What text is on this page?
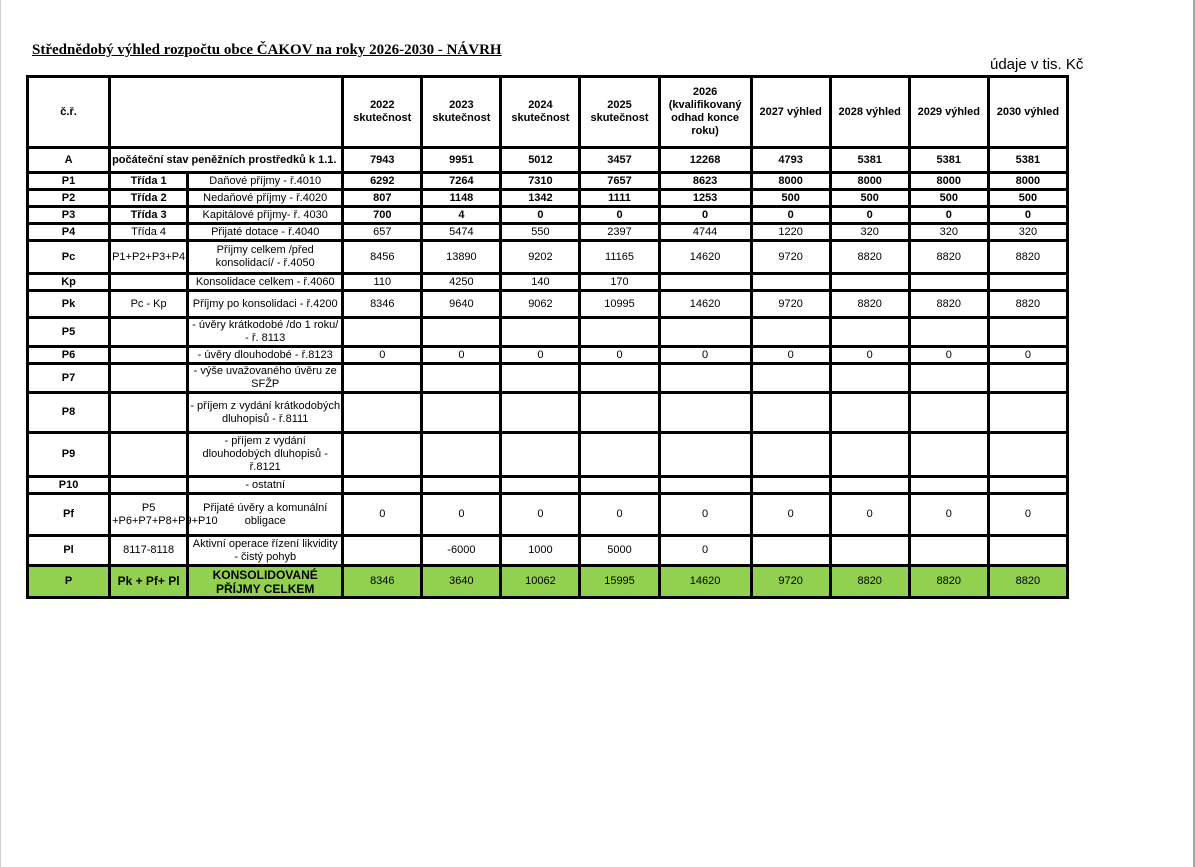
Střednědobý výhled rozpočtu obce ČAKOV na roky 2026-2030 - NÁVRH
údaje v tis. Kč
č.ř.			2022 skutečnost	2023 skutečnost	2024 skutečnost	2025 skutečnost	2026 (kvalifikovaný odhad konce roku)	2027 výhled	2028 výhled	2029 výhled	2030 výhled
A	počáteční stav peněžních prostředků k 1.1.		7943	9951	5012	3457	12268	4793	5381	5381	5381
P1	Třída 1	Daňové příjmy - ř.4010	6292	7264	7310	7657	8623	8000	8000	8000	8000
P2	Třída 2	Nedaňové příjmy - ř.4020	807	1148	1342	1111	1253	500	500	500	500
P3	Třída 3	Kapitálové příjmy- ř. 4030	700	4	0	0	0	0	0	0	0
P4	Třída 4	Přijaté dotace - ř.4040	657	5474	550	2397	4744	1220	320	320	320
Pc	P1+P2+P3+P4	Příjmy celkem /před konsolidací/ - ř.4050	8456	13890	9202	11165	14620	9720	8820	8820	8820
Kp		Konsolidace celkem - ř.4060	110	4250	140	170					
Pk	Pc - Kp	Příjmy po konsolidaci - ř.4200	8346	9640	9062	10995	14620	9720	8820	8820	8820
P5		- úvěry krátkodobé /do 1 roku/ - ř. 8113									
P6		- úvěry dlouhodobé - ř.8123	0	0	0	0	0	0	0	0	0
P7		- výše uvažovaného úvěru ze SFŽP									
P8		- příjem z vydání krátkodobých dluhopisů - ř.8111									
P9		- příjem z vydání dlouhodobých dluhopisů - ř.8121									
P10		- ostatní									
Pf	P5 +P6+P7+P8+P9+P10	Přijaté úvěry a komunální obligace	0	0	0	0	0	0	0	0	0
Pl	8117-8118	Aktivní operace řízení likvidity - čistý pohyb		-6000	1000	5000	0				
P	Pk + Pf+ Pl	KONSOLIDOVANÉ PŘÍJMY CELKEM	8346	3640	10062	15995	14620	9720	8820	8820	8820
